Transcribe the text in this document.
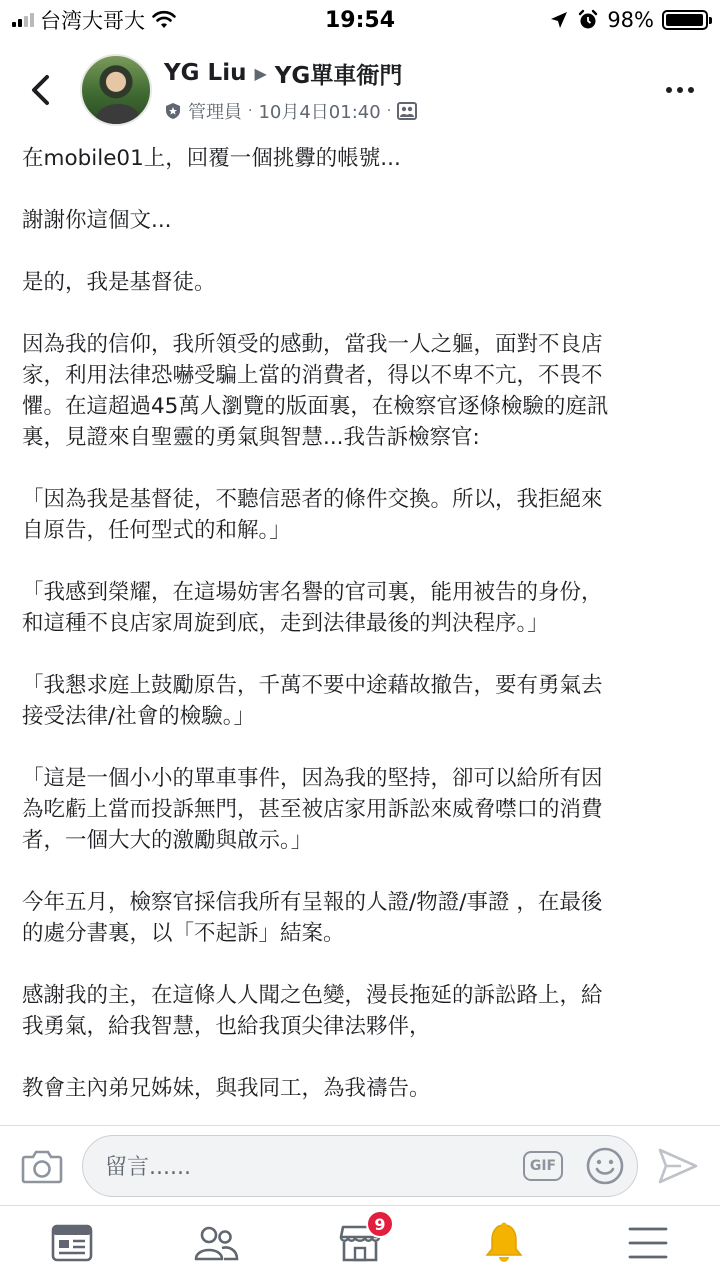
台湾大哥大	19:54	98%
YG Liu ▶ YG單車衙門
管理員 · 10月4日01:40 ·

在mobile01上，回覆一個挑釁的帳號...

謝謝你這個文...

是的，我是基督徒。

因為我的信仰，我所領受的感動，當我一人之軀，面對不良店
家，利用法律恐嚇受騙上當的消費者，得以不卑不亢，不畏不
懼。在這超過45萬人瀏覽的版面裏，在檢察官逐條檢驗的庭訊
裏，見證來自聖靈的勇氣與智慧...我告訴檢察官:

「因為我是基督徒，不聽信惡者的條件交換。所以，我拒絕來
自原告，任何型式的和解。」

「我感到榮耀，在這場妨害名譽的官司裏，能用被告的身份，
和這種不良店家周旋到底，走到法律最後的判決程序。」

「我懇求庭上鼓勵原告，千萬不要中途藉故撤告，要有勇氣去
接受法律/社會的檢驗。」

「這是一個小小的單車事件，因為我的堅持，卻可以給所有因
為吃虧上當而投訴無門，甚至被店家用訴訟來威脅噤口的消費
者，一個大大的激勵與啟示。」

今年五月，檢察官採信我所有呈報的人證/物證/事證 ，在最後
的處分書裏，以「不起訴」結案。

感謝我的主，在這條人人聞之色變，漫長拖延的訴訟路上，給
我勇氣，給我智慧，也給我頂尖律法夥伴，

教會主內弟兄姊妹，與我同工，為我禱告。

留言......	GIF
9
